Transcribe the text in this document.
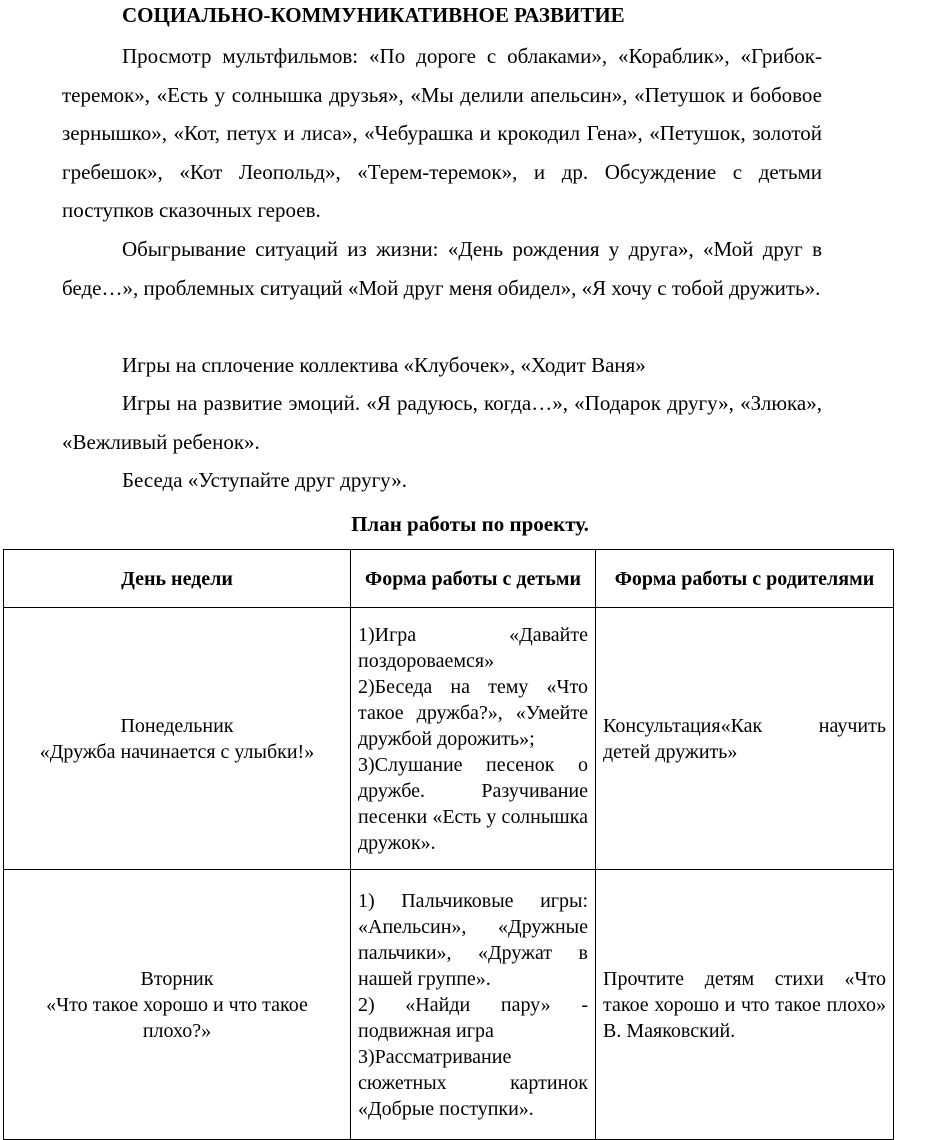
СОЦИАЛЬНО-КОММУНИКАТИВНОЕ РАЗВИТИЕ

Просмотр мультфильмов: «По дороге с облаками», «Кораблик», «Грибок-теремок», «Есть у солнышка друзья», «Мы делили апельсин», «Петушок и бобовое зернышко», «Кот, петух и лиса», «Чебурашка и крокодил Гена», «Петушок, золотой гребешок», «Кот Леопольд», «Терем-теремок», и др. Обсуждение с детьми поступков сказочных героев.

Обыгрывание ситуаций из жизни: «День рождения у друга», «Мой друг в беде…», проблемных ситуаций «Мой друг меня обидел», «Я хочу с тобой дружить».

Игры на сплочение коллектива «Клубочек», «Ходит Ваня»

Игры на развитие эмоций. «Я радуюсь, когда…», «Подарок другу», «Злюка», «Вежливый ребенок».

Беседа «Уступайте друг другу».

План работы по проекту.
День недели	Форма работы с детьми	Форма работы с родителями

Понедельник
«Дружба начинается с улыбки!»	1)Игра «Давайте поздороваемся»
2)Беседа на тему «Что такое дружба?», «Умейте дружбой дорожить»;
3)Слушание песенок о дружбе. Разучивание песенки «Есть у солнышка дружок».	Консультация«Как научить детей дружить»

Вторник
«Что такое хорошо и что такое плохо?»	1) Пальчиковые игры: «Апельсин», «Дружные пальчики», «Дружат в нашей группе».
2) «Найди пару» - подвижная игра
3)Рассматривание сюжетных картинок «Добрые поступки».	Прочтите детям стихи «Что такое хорошо и что такое плохо» В. Маяковский.
